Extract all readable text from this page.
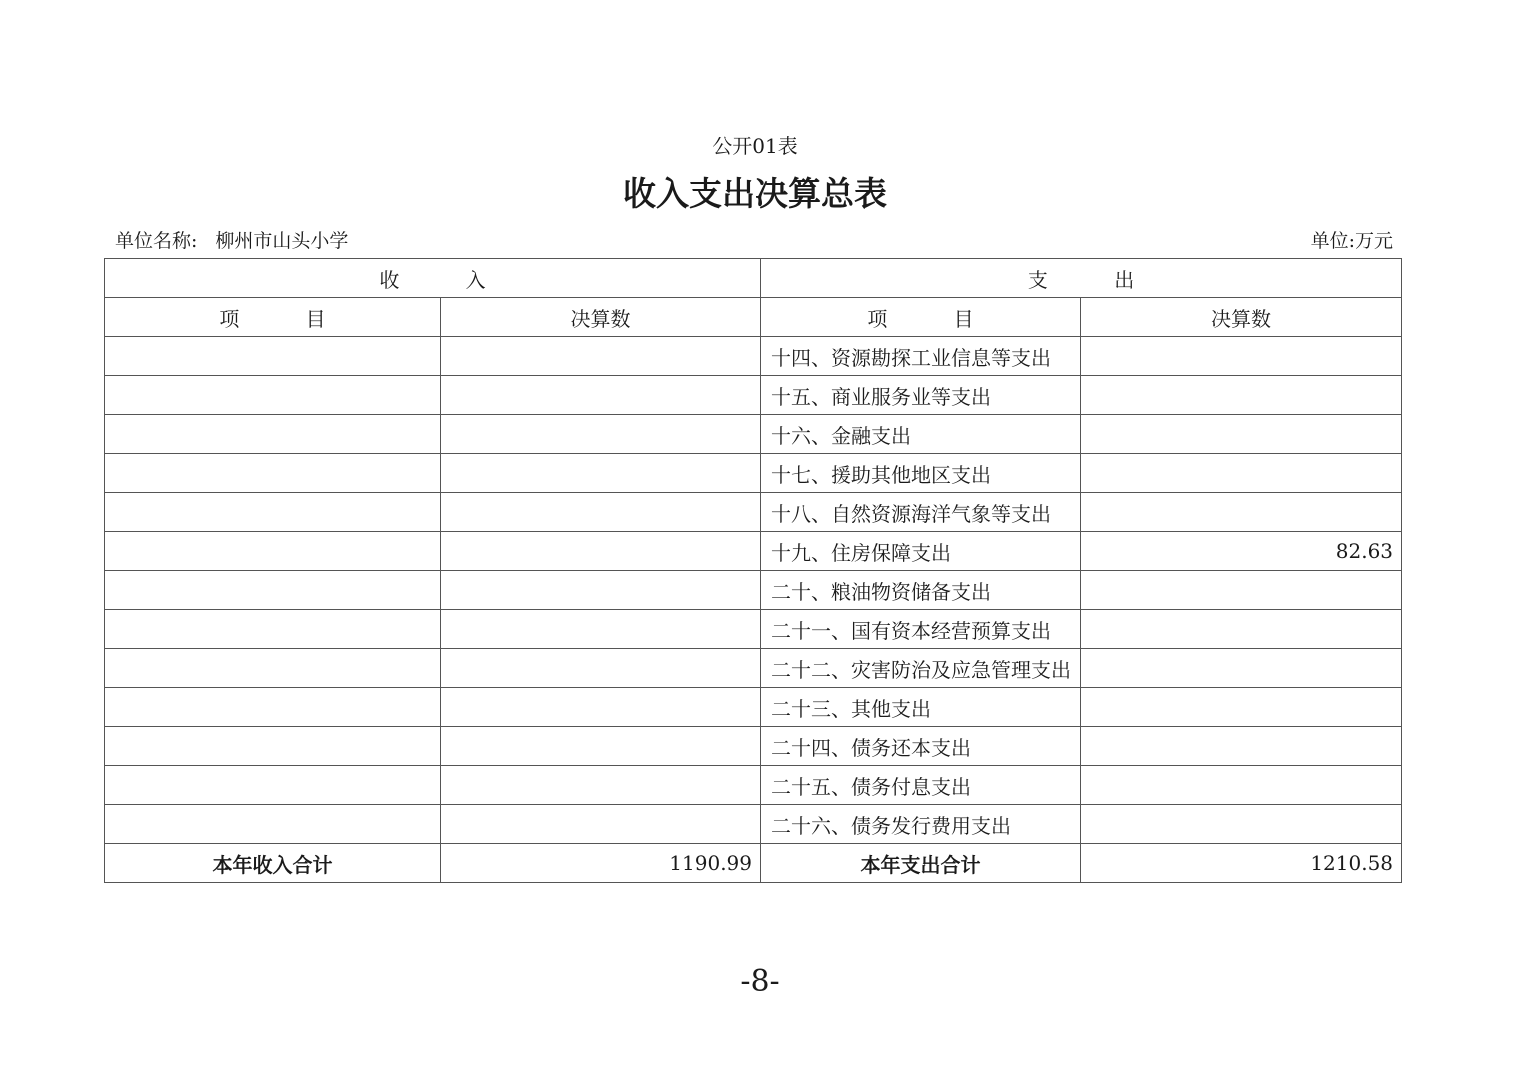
公开01表
收入支出决算总表
单位名称: 柳州市山头小学	单位:万元
收 入		支 出	
项 目	决算数	项 目	决算数
		十四、资源勘探工业信息等支出	
		十五、商业服务业等支出	
		十六、金融支出	
		十七、援助其他地区支出	
		十八、自然资源海洋气象等支出	
		十九、住房保障支出	82.63
		二十、粮油物资储备支出	
		二十一、国有资本经营预算支出	
		二十二、灾害防治及应急管理支出	
		二十三、其他支出	
		二十四、债务还本支出	
		二十五、债务付息支出	
		二十六、债务发行费用支出	
本年收入合计	1190.99	本年支出合计	1210.58
-8-
